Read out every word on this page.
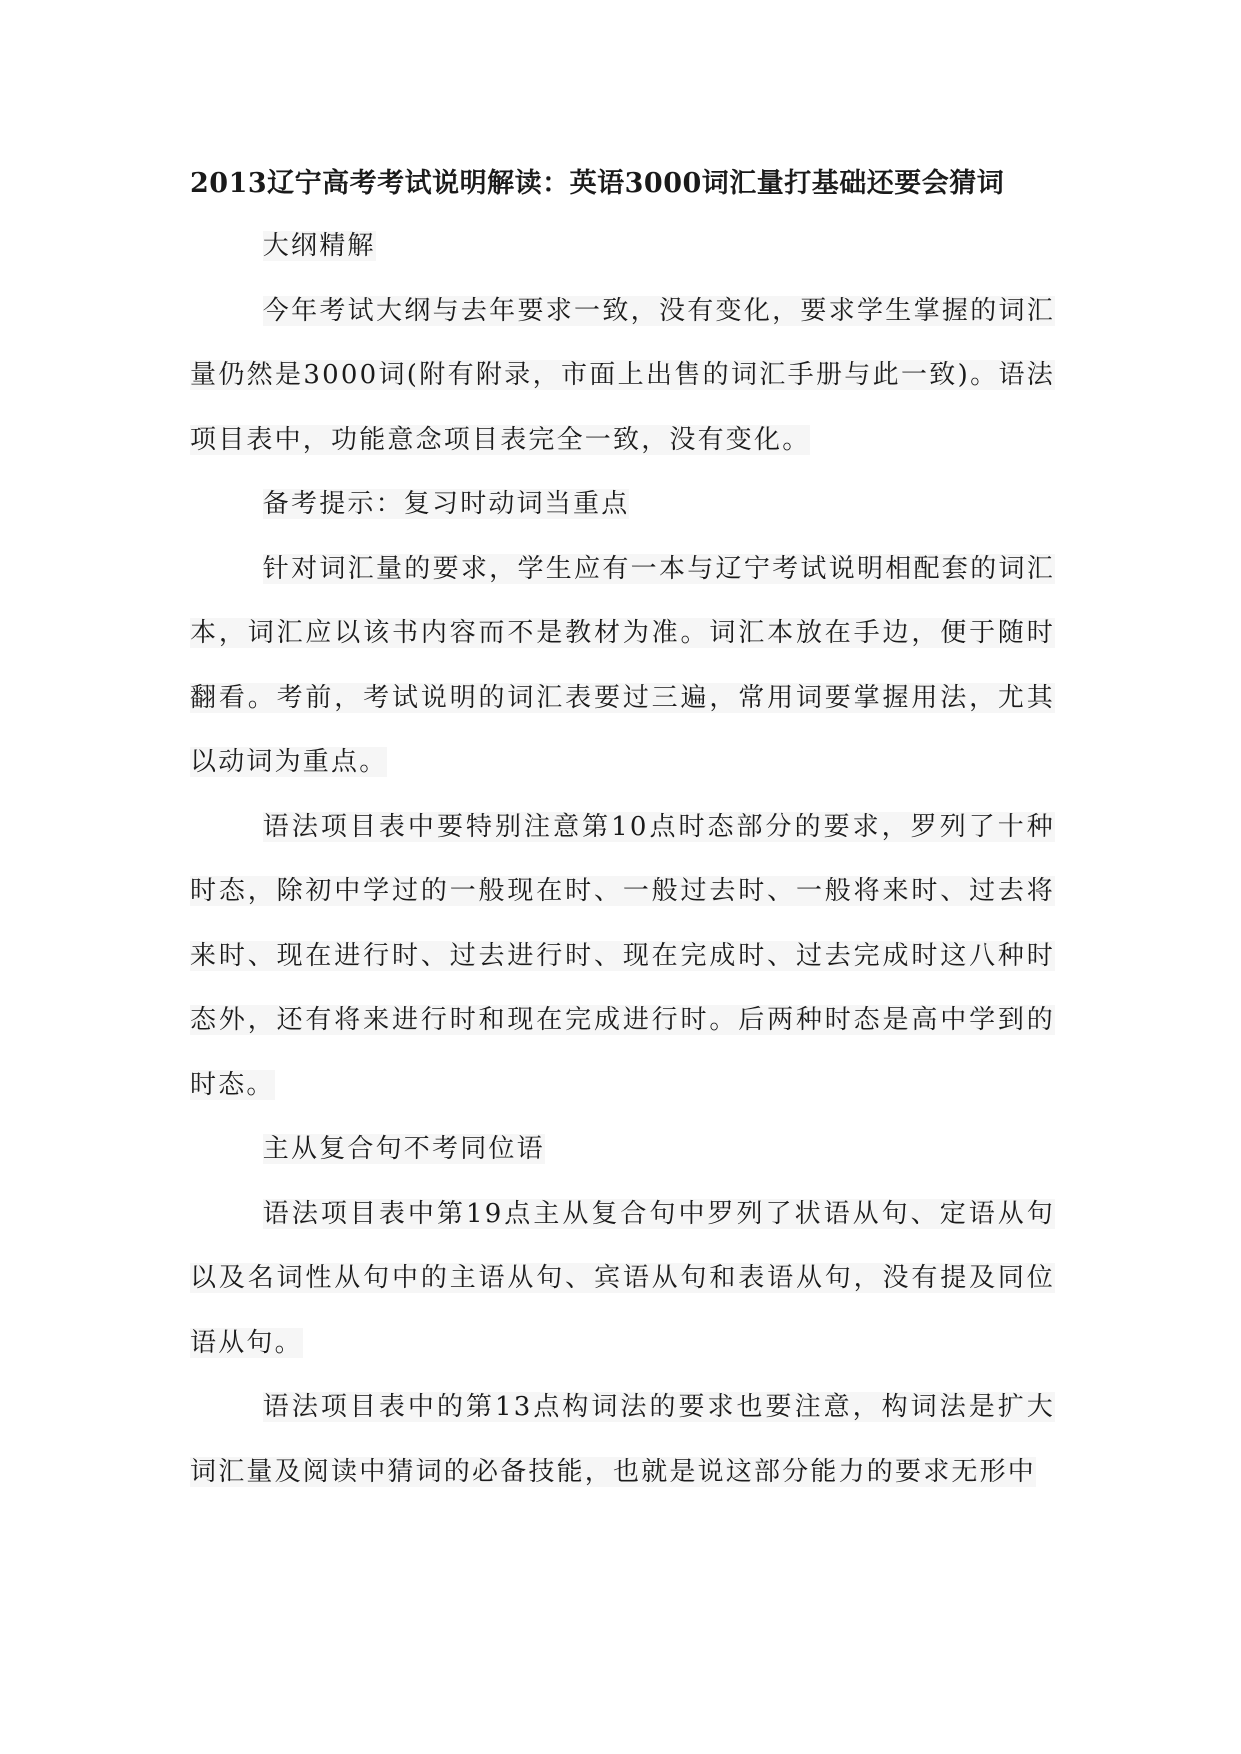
2013辽宁高考考试说明解读：英语3000词汇量打基础还要会猜词

大纲精解

今年考试大纲与去年要求一致，没有变化，要求学生掌握的词汇量仍然是3000词(附有附录，市面上出售的词汇手册与此一致)。语法项目表中，功能意念项目表完全一致，没有变化。

备考提示：复习时动词当重点

针对词汇量的要求，学生应有一本与辽宁考试说明相配套的词汇本，词汇应以该书内容而不是教材为准。词汇本放在手边，便于随时翻看。考前，考试说明的词汇表要过三遍，常用词要掌握用法，尤其以动词为重点。

语法项目表中要特别注意第10点时态部分的要求，罗列了十种时态，除初中学过的一般现在时、一般过去时、一般将来时、过去将来时、现在进行时、过去进行时、现在完成时、过去完成时这八种时态外，还有将来进行时和现在完成进行时。后两种时态是高中学到的时态。

主从复合句不考同位语

语法项目表中第19点主从复合句中罗列了状语从句、定语从句以及名词性从句中的主语从句、宾语从句和表语从句，没有提及同位语从句。

语法项目表中的第13点构词法的要求也要注意，构词法是扩大词汇量及阅读中猜词的必备技能，也就是说这部分能力的要求无形中
